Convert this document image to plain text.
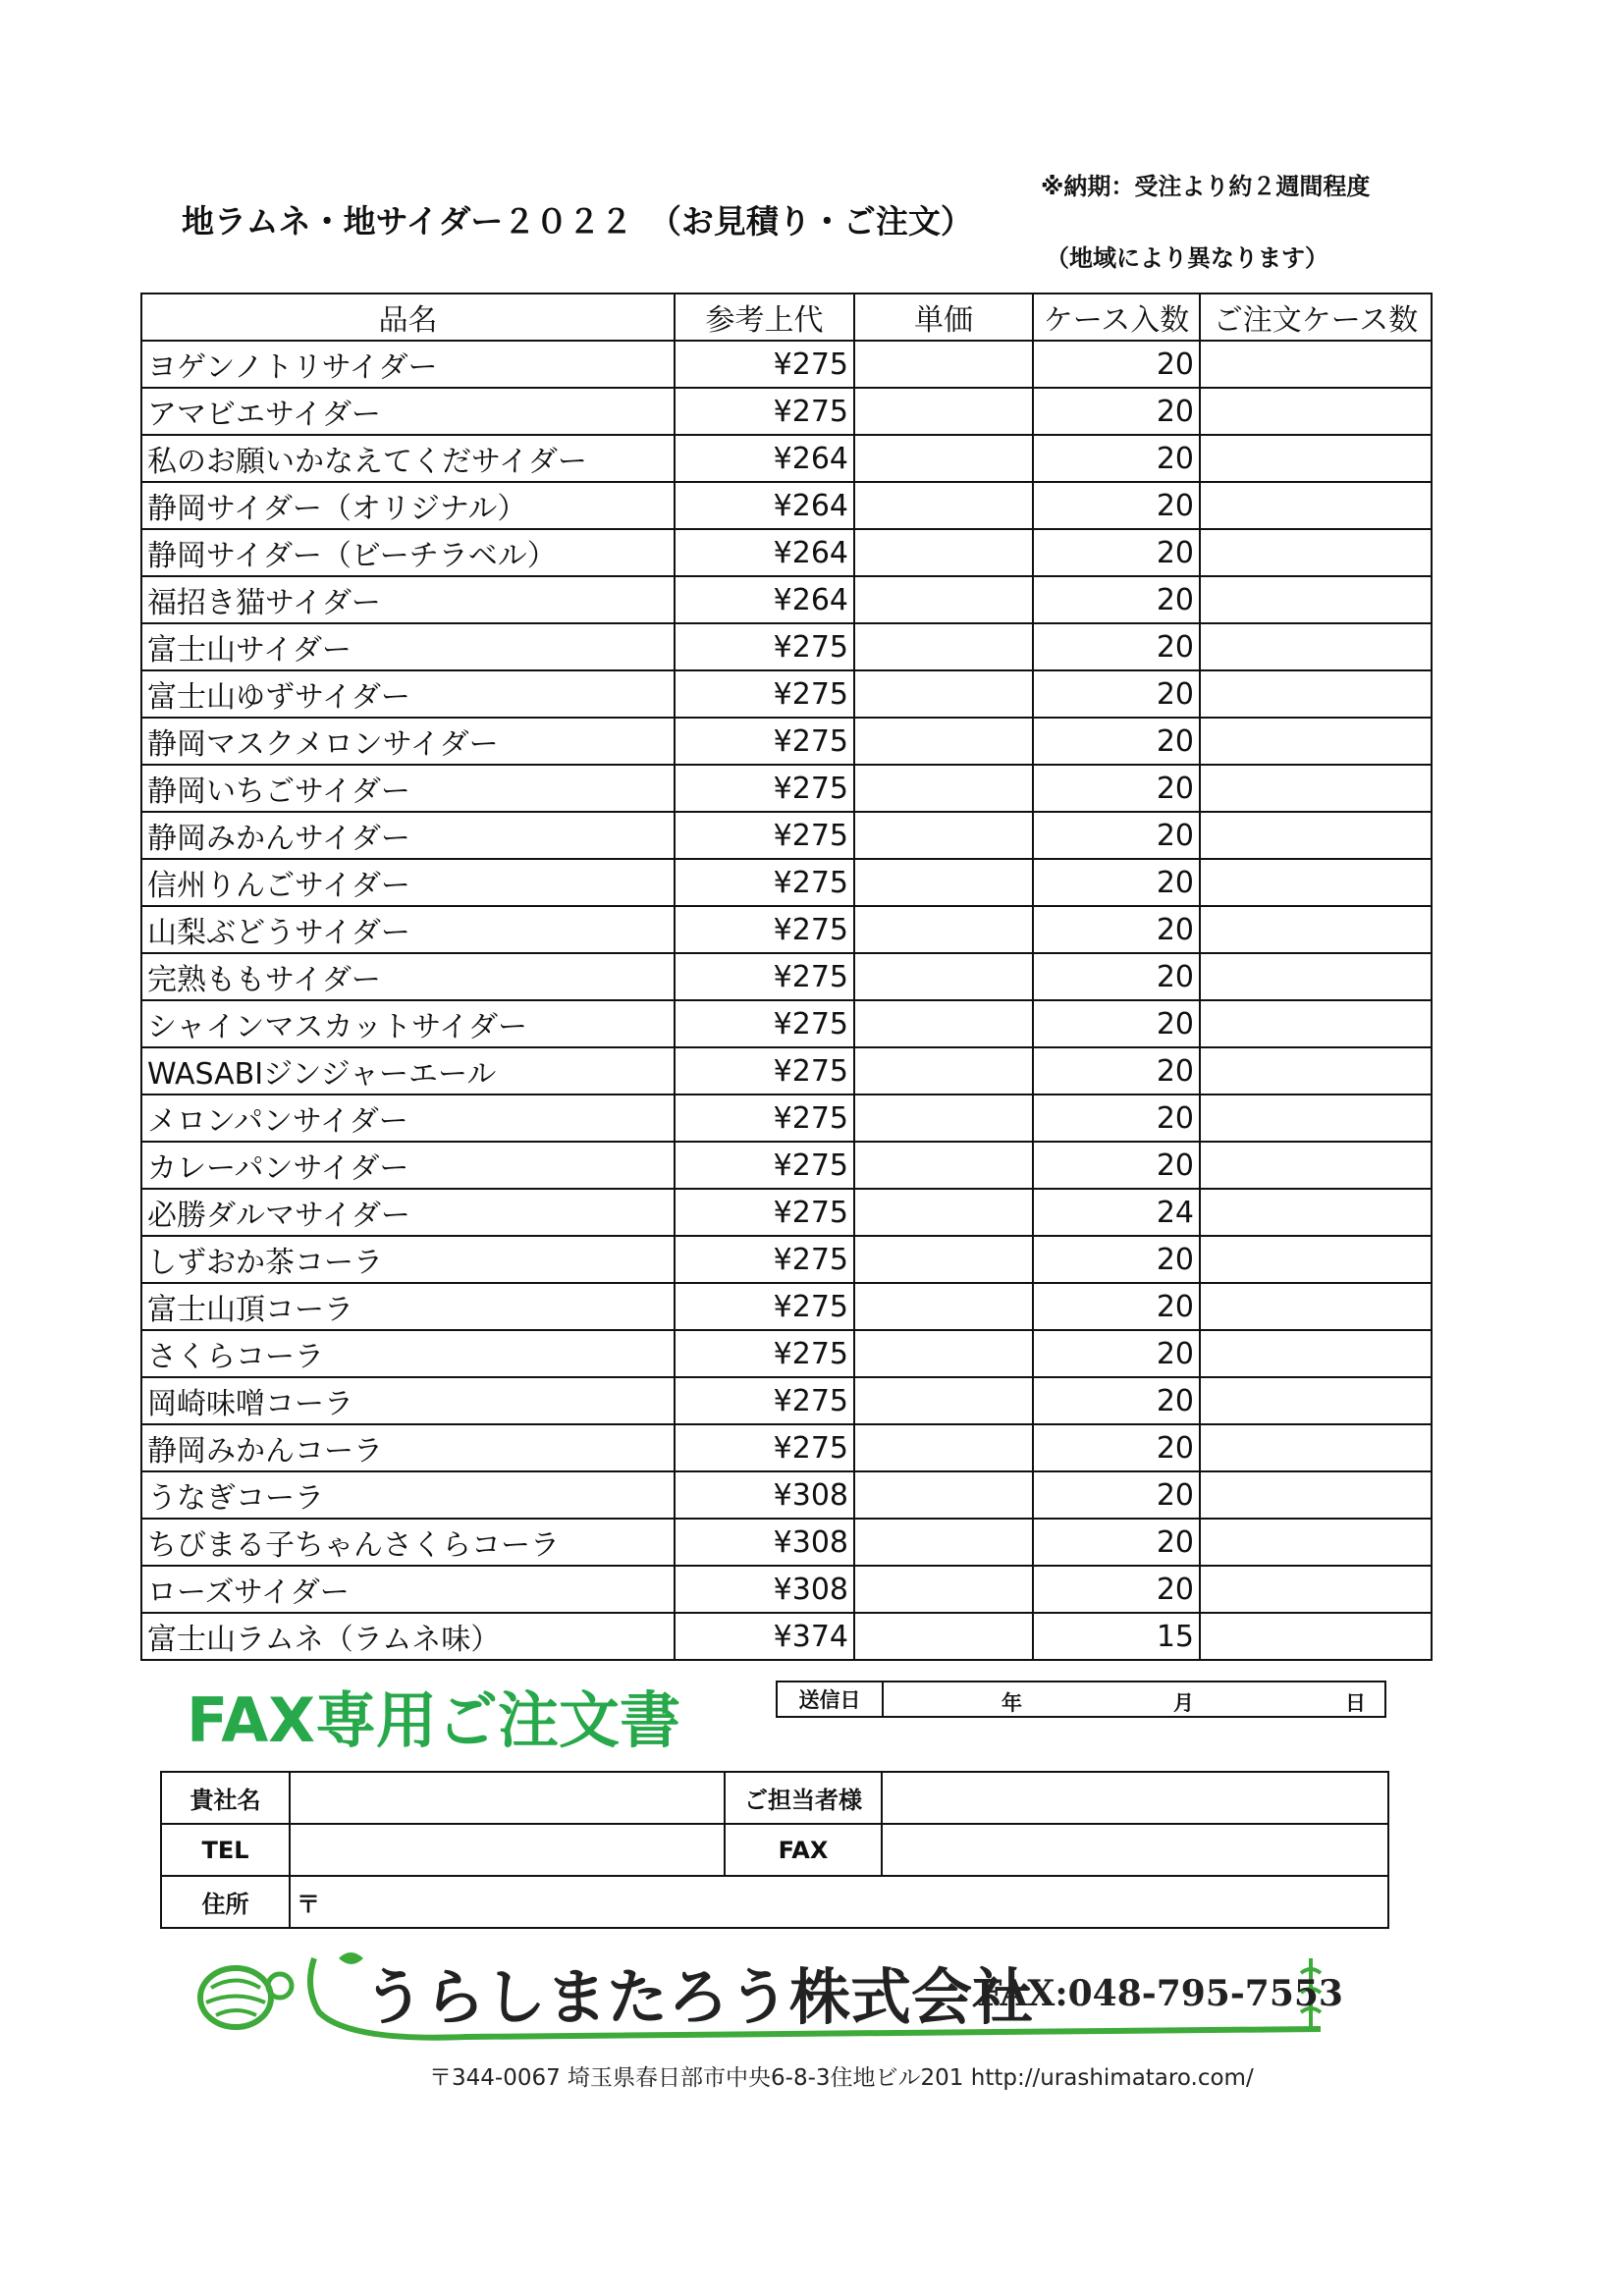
地ラムネ・地サイダー２０２２　（お見積り・ご注文）
※納期：受注より約２週間程度
（地域により異なります）
品名	参考上代	単価	ケース入数	ご注文ケース数
ヨゲンノトリサイダー	¥275		20	
アマビエサイダー	¥275		20	
私のお願いかなえてくだサイダー	¥264		20	
静岡サイダー（オリジナル）	¥264		20	
静岡サイダー（ビーチラベル）	¥264		20	
福招き猫サイダー	¥264		20	
富士山サイダー	¥275		20	
富士山ゆずサイダー	¥275		20	
静岡マスクメロンサイダー	¥275		20	
静岡いちごサイダー	¥275		20	
静岡みかんサイダー	¥275		20	
信州りんごサイダー	¥275		20	
山梨ぶどうサイダー	¥275		20	
完熟ももサイダー	¥275		20	
シャインマスカットサイダー	¥275		20	
WASABIジンジャーエール	¥275		20	
メロンパンサイダー	¥275		20	
カレーパンサイダー	¥275		20	
必勝ダルマサイダー	¥275		24	
しずおか茶コーラ	¥275		20	
富士山頂コーラ	¥275		20	
さくらコーラ	¥275		20	
岡崎味噌コーラ	¥275		20	
静岡みかんコーラ	¥275		20	
うなぎコーラ	¥308		20	
ちびまる子ちゃんさくらコーラ	¥308		20	
ローズサイダー	¥308		20	
富士山ラムネ（ラムネ味）	¥374		15	
FAX専用ご注文書	送信日	年	月	日
貴社名		ご担当者様	
TEL		FAX	
住所	〒		
うらしまたろう株式会社
FAX:048-795-7553
〒344-0067 埼玉県春日部市中央6-8-3住地ビル201 http://urashimataro.com/
